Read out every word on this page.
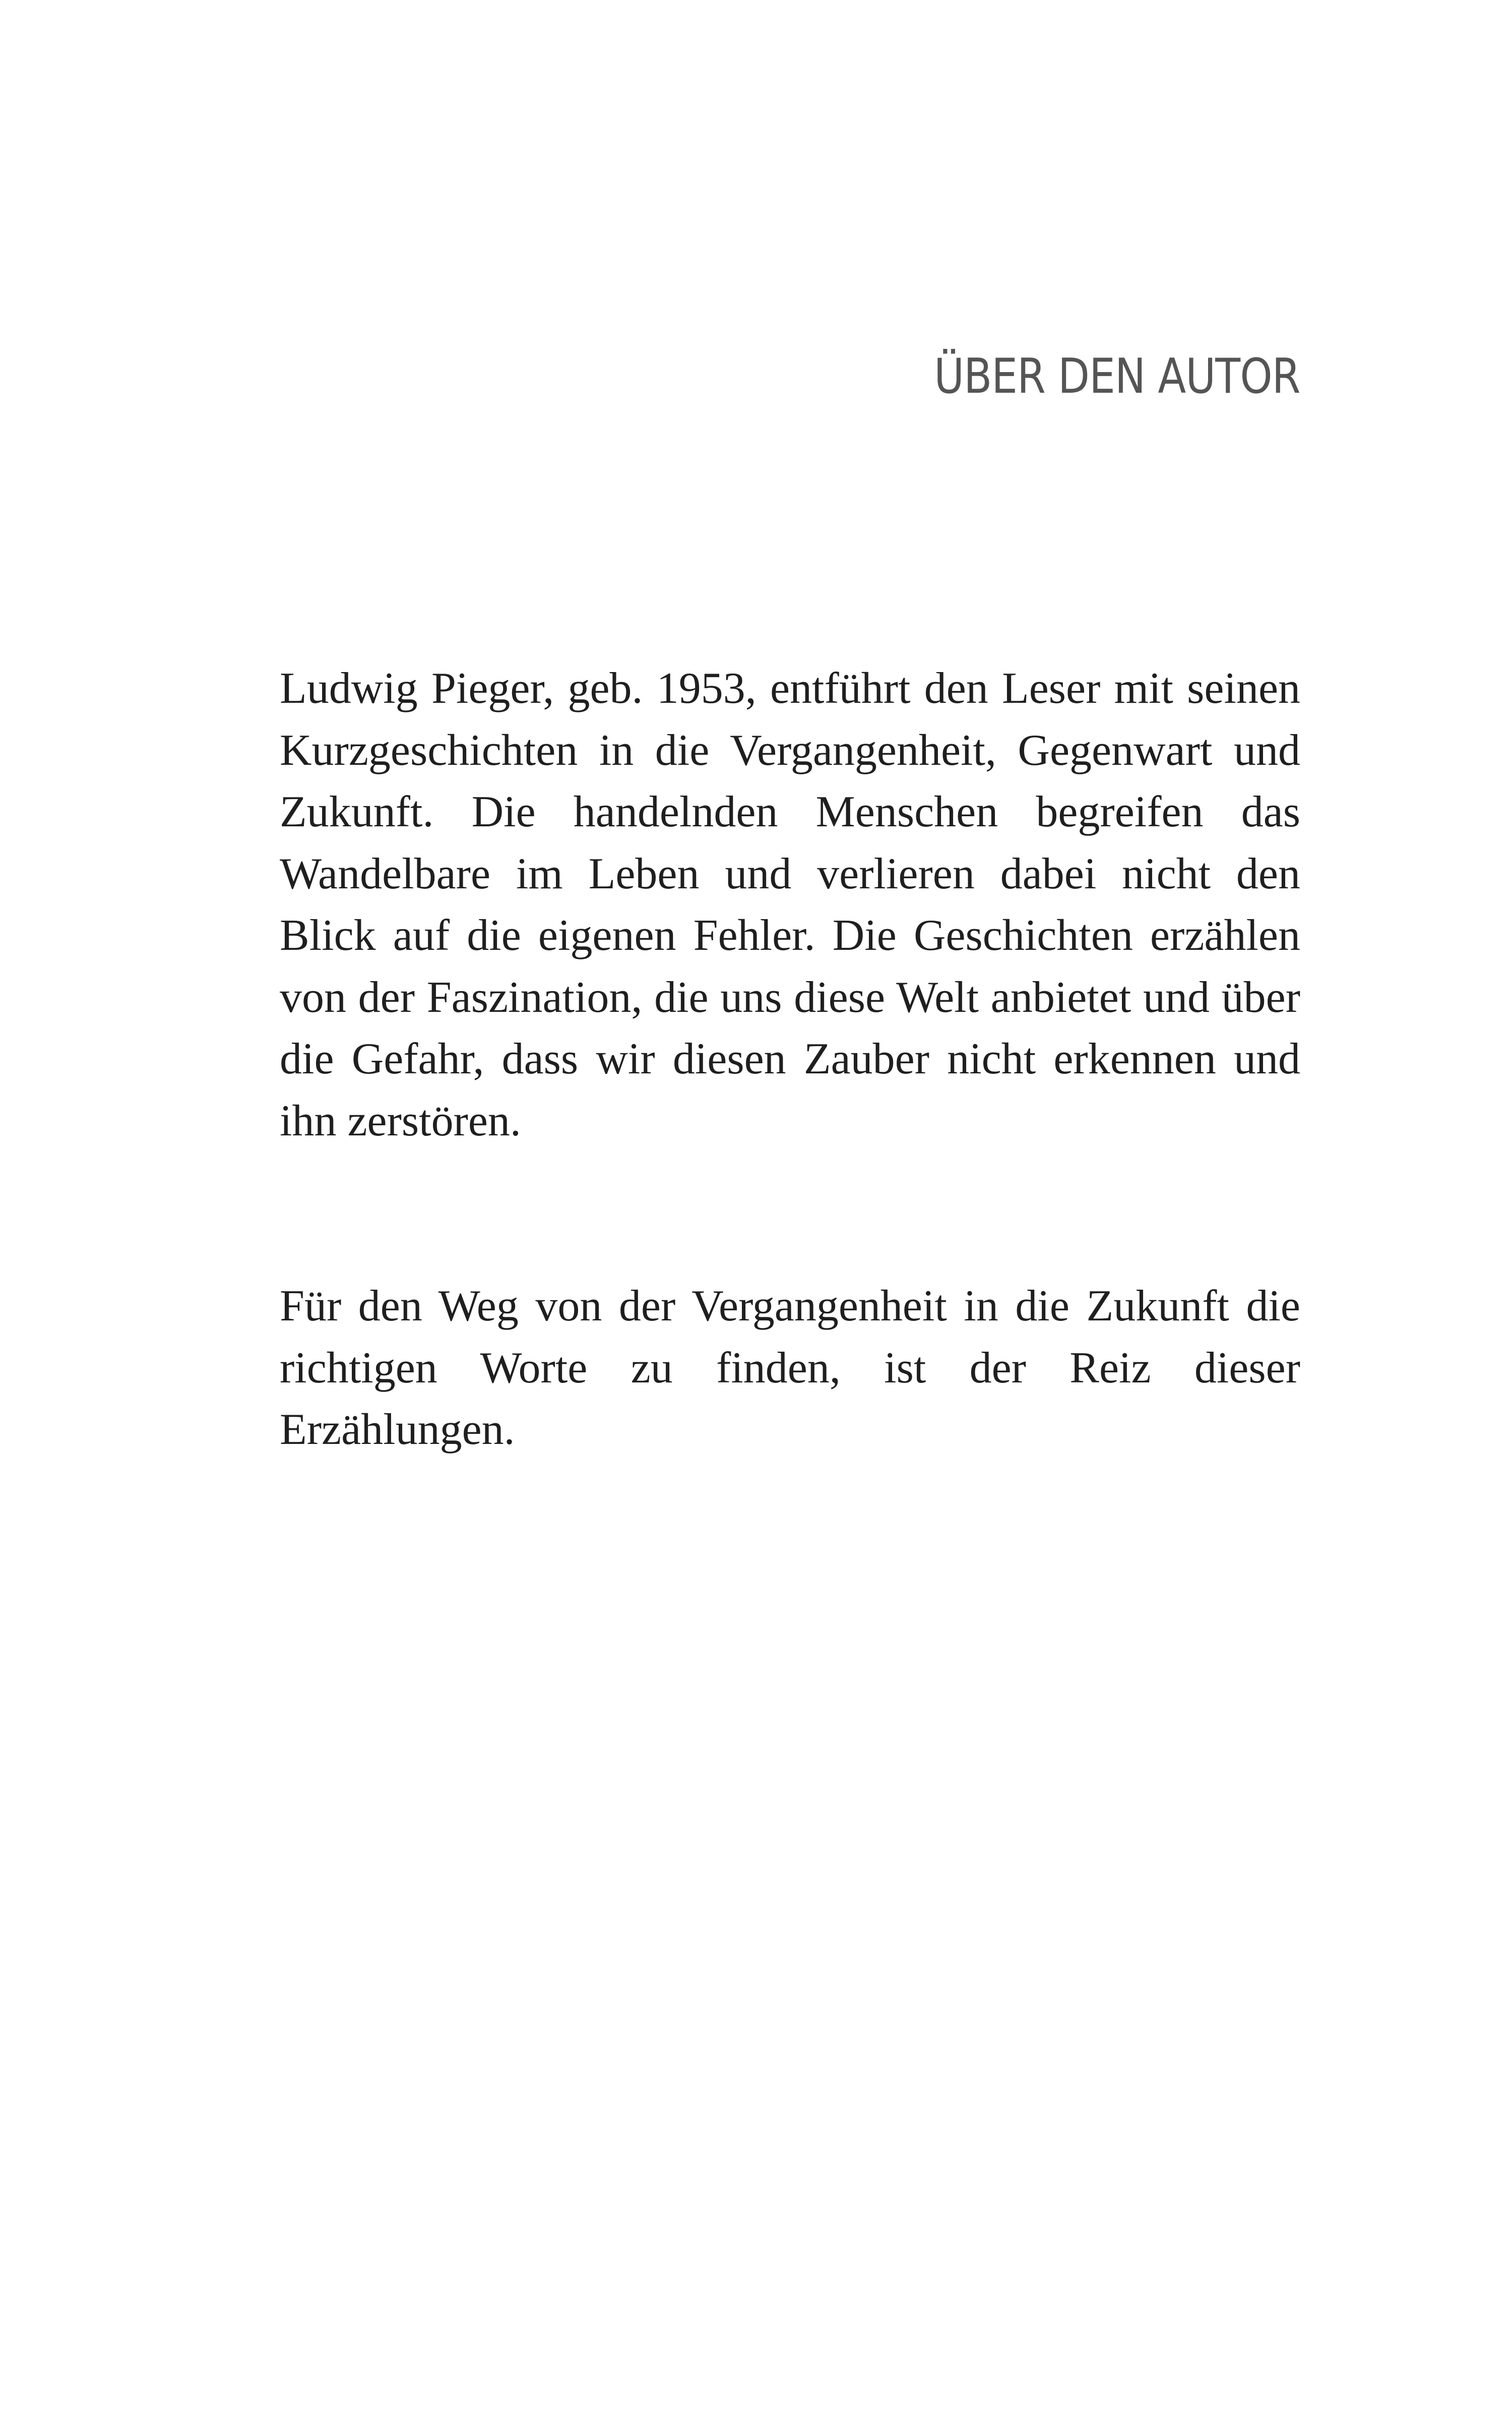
ÜBER DEN AUTOR

Ludwig Pieger, geb. 1953, entführt den Leser mit seinen Kurzgeschichten in die Vergangenheit, Gegenwart und Zukunft. Die handelnden Menschen begreifen das Wandelbare im Leben und verlieren dabei nicht den Blick auf die eigenen Fehler. Die Geschichten erzählen von der Faszination, die uns diese Welt anbietet und über die Gefahr, dass wir diesen Zauber nicht erkennen und ihn zerstören.

Für den Weg von der Vergangenheit in die Zukunft die richtigen Worte zu finden, ist der Reiz dieser Erzählungen.
